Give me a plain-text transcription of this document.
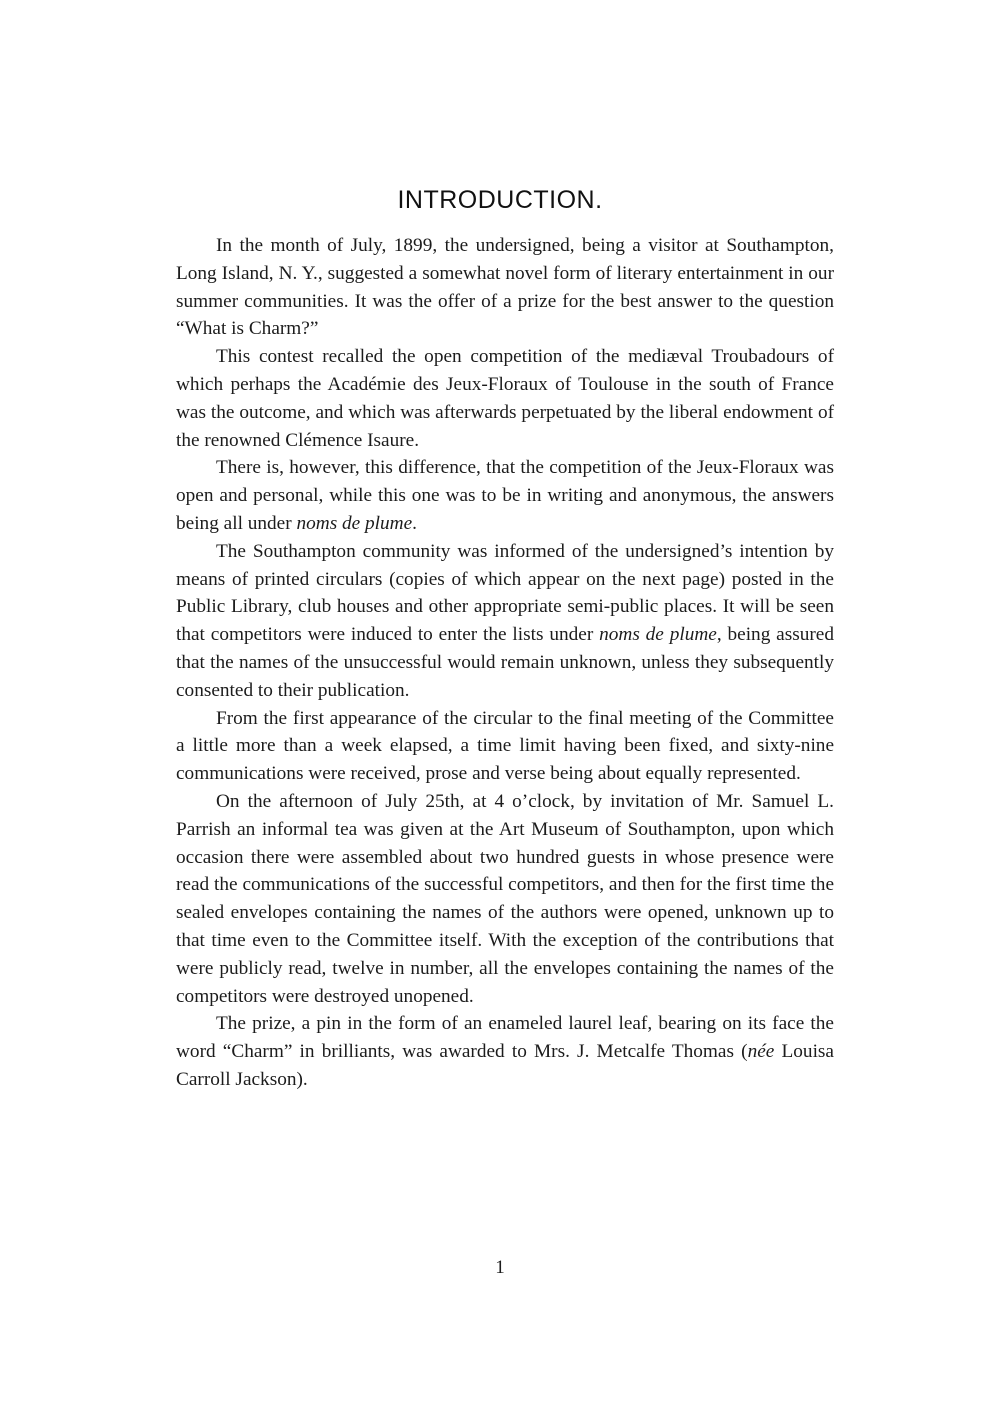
INTRODUCTION.

In the month of July, 1899, the undersigned, being a visitor at Southampton, Long Island, N. Y., suggested a somewhat novel form of literary entertainment in our summer communities. It was the offer of a prize for the best answer to the question “What is Charm?”

This contest recalled the open competition of the mediæval Troubadours of which perhaps the Académie des Jeux-Floraux of Toulouse in the south of France was the outcome, and which was afterwards perpetuated by the liberal endowment of the renowned Clémence Isaure.

There is, however, this difference, that the competition of the Jeux-Floraux was open and personal, while this one was to be in writing and anonymous, the answers being all under noms de plume.

The Southampton community was informed of the undersigned’s intention by means of printed circulars (copies of which appear on the next page) posted in the Public Library, club houses and other appropriate semi-public places. It will be seen that competitors were induced to enter the lists under noms de plume, being assured that the names of the unsuccessful would remain unknown, unless they subsequently consented to their publication.

From the first appearance of the circular to the final meeting of the Committee a little more than a week elapsed, a time limit having been fixed, and sixty-nine communications were received, prose and verse being about equally represented.

On the afternoon of July 25th, at 4 o’clock, by invitation of Mr. Samuel L. Parrish an informal tea was given at the Art Museum of Southampton, upon which occasion there were assembled about two hundred guests in whose presence were read the communications of the successful competitors, and then for the first time the sealed envelopes containing the names of the authors were opened, unknown up to that time even to the Committee itself. With the exception of the contributions that were publicly read, twelve in number, all the envelopes containing the names of the competitors were destroyed unopened.

The prize, a pin in the form of an enameled laurel leaf, bearing on its face the word “Charm” in brilliants, was awarded to Mrs. J. Metcalfe Thomas (née Louisa Carroll Jackson).

1
